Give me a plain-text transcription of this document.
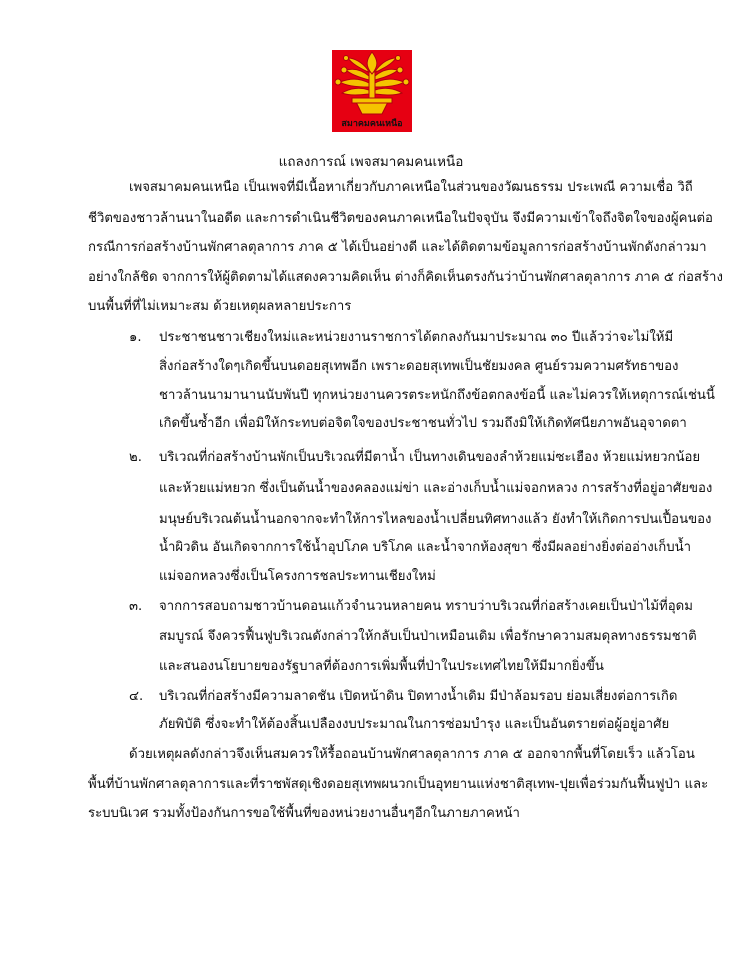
สมาคมคนเหนือ
แถลงการณ์ เพจสมาคมคนเหนือ
เพจสมาคมคนเหนือ เป็นเพจที่มีเนื้อหาเกี่ยวกับภาคเหนือในส่วนของวัฒนธรรม ประเพณี ความเชื่อ วิถี
ชีวิตของชาวล้านนาในอดีต และการดำเนินชีวิตของคนภาคเหนือในปัจจุบัน จึงมีความเข้าใจถึงจิตใจของผู้คนต่อ
กรณีการก่อสร้างบ้านพักศาลตุลาการ ภาค ๕ ได้เป็นอย่างดี และได้ติดตามข้อมูลการก่อสร้างบ้านพักดังกล่าวมา
อย่างใกล้ชิด จากการให้ผู้ติดตามได้แสดงความคิดเห็น ต่างก็คิดเห็นตรงกันว่าบ้านพักศาลตุลาการ ภาค ๕ ก่อสร้าง
บนพื้นที่ที่ไม่เหมาะสม ด้วยเหตุผลหลายประการ
๑. ประชาชนชาวเชียงใหม่และหน่วยงานราชการได้ตกลงกันมาประมาณ ๓๐ ปีแล้วว่าจะไม่ให้มี
สิ่งก่อสร้างใดๆเกิดขึ้นบนดอยสุเทพอีก เพราะดอยสุเทพเป็นชัยมงคล ศูนย์รวมความศรัทธาของ
ชาวล้านนามานานนับพันปี ทุกหน่วยงานควรตระหนักถึงข้อตกลงข้อนี้ และไม่ควรให้เหตุการณ์เช่นนี้
เกิดขึ้นซ้ำอีก เพื่อมิให้กระทบต่อจิตใจของประชาชนทั่วไป รวมถึงมิให้เกิดทัศนียภาพอันอุจาดตา
๒. บริเวณที่ก่อสร้างบ้านพักเป็นบริเวณที่มีตาน้ำ เป็นทางเดินของลำห้วยแม่ซะเฮือง ห้วยแม่หยวกน้อย
และห้วยแม่หยวก ซึ่งเป็นต้นน้ำของคลองแม่ข่า และอ่างเก็บน้ำแม่จอกหลวง การสร้างที่อยู่อาศัยของ
มนุษย์บริเวณต้นน้ำนอกจากจะทำให้การไหลของน้ำเปลี่ยนทิศทางแล้ว ยังทำให้เกิดการปนเปื้อนของ
น้ำผิวดิน อันเกิดจากการใช้น้ำอุปโภค บริโภค และน้ำจากห้องสุขา ซึ่งมีผลอย่างยิ่งต่ออ่างเก็บน้ำ
แม่จอกหลวงซึ่งเป็นโครงการชลประทานเชียงใหม่
๓. จากการสอบถามชาวบ้านดอนแก้วจำนวนหลายคน ทราบว่าบริเวณที่ก่อสร้างเคยเป็นป่าไม้ที่อุดม
สมบูรณ์ จึงควรฟื้นฟูบริเวณดังกล่าวให้กลับเป็นป่าเหมือนเดิม เพื่อรักษาความสมดุลทางธรรมชาติ
และสนองนโยบายของรัฐบาลที่ต้องการเพิ่มพื้นที่ป่าในประเทศไทยให้มีมากยิ่งขึ้น
๔. บริเวณที่ก่อสร้างมีความลาดชัน เปิดหน้าดิน ปิดทางน้ำเดิม มีป่าล้อมรอบ ย่อมเสี่ยงต่อการเกิด
ภัยพิบัติ ซึ่งจะทำให้ต้องสิ้นเปลืองงบประมาณในการซ่อมบำรุง และเป็นอันตรายต่อผู้อยู่อาศัย
ด้วยเหตุผลดังกล่าวจึงเห็นสมควรให้รื้อถอนบ้านพักศาลตุลาการ ภาค ๕ ออกจากพื้นที่โดยเร็ว แล้วโอน
พื้นที่บ้านพักศาลตุลาการและที่ราชพัสดุเชิงดอยสุเทพผนวกเป็นอุทยานแห่งชาติสุเทพ-ปุยเพื่อร่วมกันฟื้นฟูป่า และ
ระบบนิเวศ รวมทั้งป้องกันการขอใช้พื้นที่ของหน่วยงานอื่นๆอีกในภายภาคหน้า
